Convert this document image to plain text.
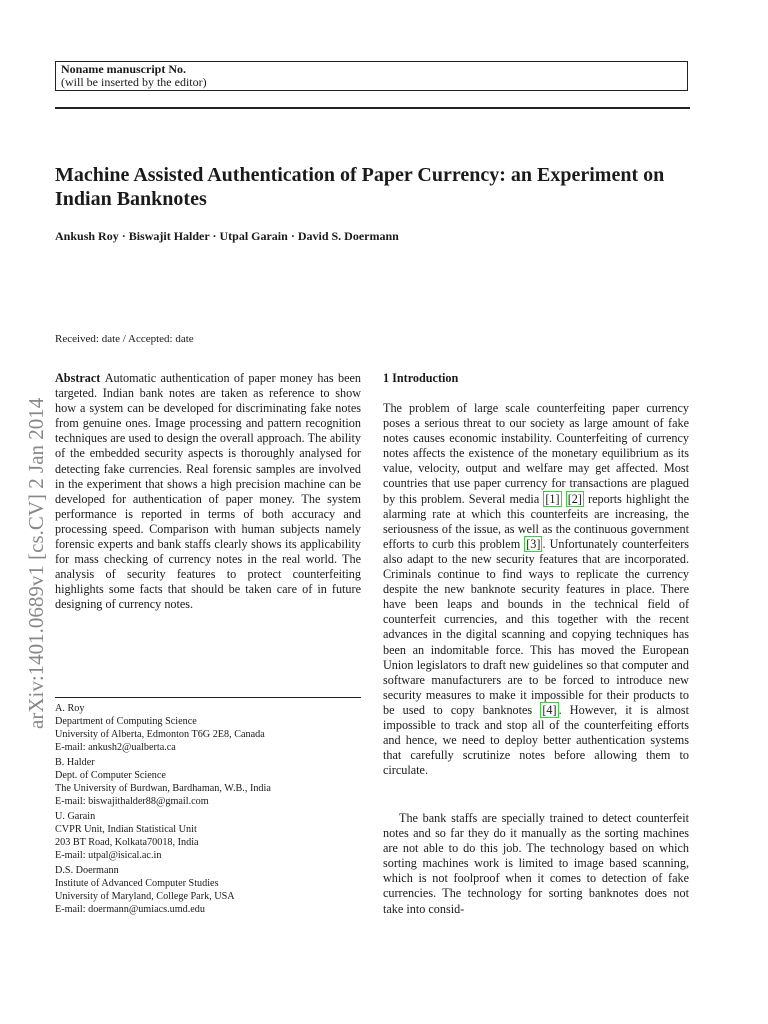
arXiv:1401.0689v1 [cs.CV] 2 Jan 2014
Noname manuscript No.
(will be inserted by the editor)
Machine Assisted Authentication of Paper Currency: an Experiment on Indian Banknotes
Ankush Roy · Biswajit Halder · Utpal Garain · David S. Doermann
Received: date / Accepted: date
Abstract Automatic authentication of paper money has been targeted. Indian bank notes are taken as reference to show how a system can be developed for discriminating fake notes from genuine ones. Image processing and pattern recognition techniques are used to design the overall approach. The ability of the embedded security aspects is thoroughly analysed for detecting fake currencies. Real forensic samples are involved in the experiment that shows a high precision machine can be developed for authentication of paper money. The system performance is reported in terms of both accuracy and processing speed. Comparison with human subjects namely forensic experts and bank staffs clearly shows its applicability for mass checking of currency notes in the real world. The analysis of security features to protect counterfeiting highlights some facts that should be taken care of in future designing of currency notes.
A. Roy
Department of Computing Science
University of Alberta, Edmonton T6G 2E8, Canada
E-mail: ankush2@ualberta.ca
B. Halder
Dept. of Computer Science
The University of Burdwan, Bardhaman, W.B., India
E-mail: biswajithalder88@gmail.com
U. Garain
CVPR Unit, Indian Statistical Unit
203 BT Road, Kolkata70018, India
E-mail: utpal@isical.ac.in
D.S. Doermann
Institute of Advanced Computer Studies
University of Maryland, College Park, USA
E-mail: doermann@umiacs.umd.edu
1 Introduction
The problem of large scale counterfeiting paper currency poses a serious threat to our society as large amount of fake notes causes economic instability. Counterfeiting of currency notes affects the existence of the monetary equilibrium as its value, velocity, output and welfare may get affected. Most countries that use paper currency for transactions are plagued by this problem. Several media [1] [2] reports highlight the alarming rate at which this counterfeits are increasing, the seriousness of the issue, as well as the continuous government efforts to curb this problem [3] . Unfortunately counterfeiters also adapt to the new security features that are incorporated. Criminals continue to find ways to replicate the currency despite the new banknote security features in place. There have been leaps and bounds in the technical field of counterfeit currencies, and this together with the recent advances in the digital scanning and copying techniques has been an indomitable force. This has moved the European Union legislators to draft new guidelines so that computer and software manufacturers are to be forced to introduce new security measures to make it impossible for their products to be used to copy banknotes [4] . However, it is almost impossible to track and stop all of the counterfeiting efforts and hence, we need to deploy better authentication systems that carefully scrutinize notes before allowing them to circulate.
The bank staffs are specially trained to detect counterfeit notes and so far they do it manually as the sorting machines are not able to do this job. The technology based on which sorting machines work is limited to image based scanning, which is not foolproof when it comes to detection of fake currencies. The technology for sorting banknotes does not take into consid-
